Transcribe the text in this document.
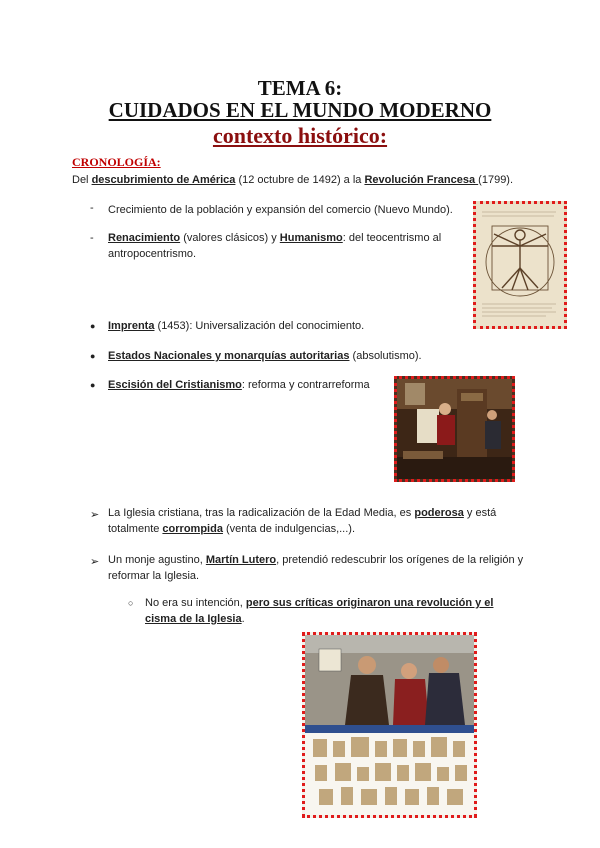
TEMA 6:
CUIDADOS EN EL MUNDO MODERNO
contexto histórico:
CRONOLOGÍA:
Del descubrimiento de América (12 octubre de 1492) a la Revolución Francesa (1799).
- Crecimiento de la población y expansión del comercio (Nuevo Mundo).
- Renacimiento (valores clásicos) y Humanismo: del teocentrismo al antropocentrismo.
● Imprenta (1453): Universalización del conocimiento.
● Estados Nacionales y monarquías autoritarias (absolutismo).
● Escisión del Cristianismo: reforma y contrarreforma
➢ La Iglesia cristiana, tras la radicalización de la Edad Media, es poderosa y está totalmente corrompida (venta de indulgencias,...).
➢ Un monje agustino, Martín Lutero, pretendió redescubrir los orígenes de la religión y reformar la Iglesia.
○ No era su intención, pero sus críticas originaron una revolución y el cisma de la Iglesia.
